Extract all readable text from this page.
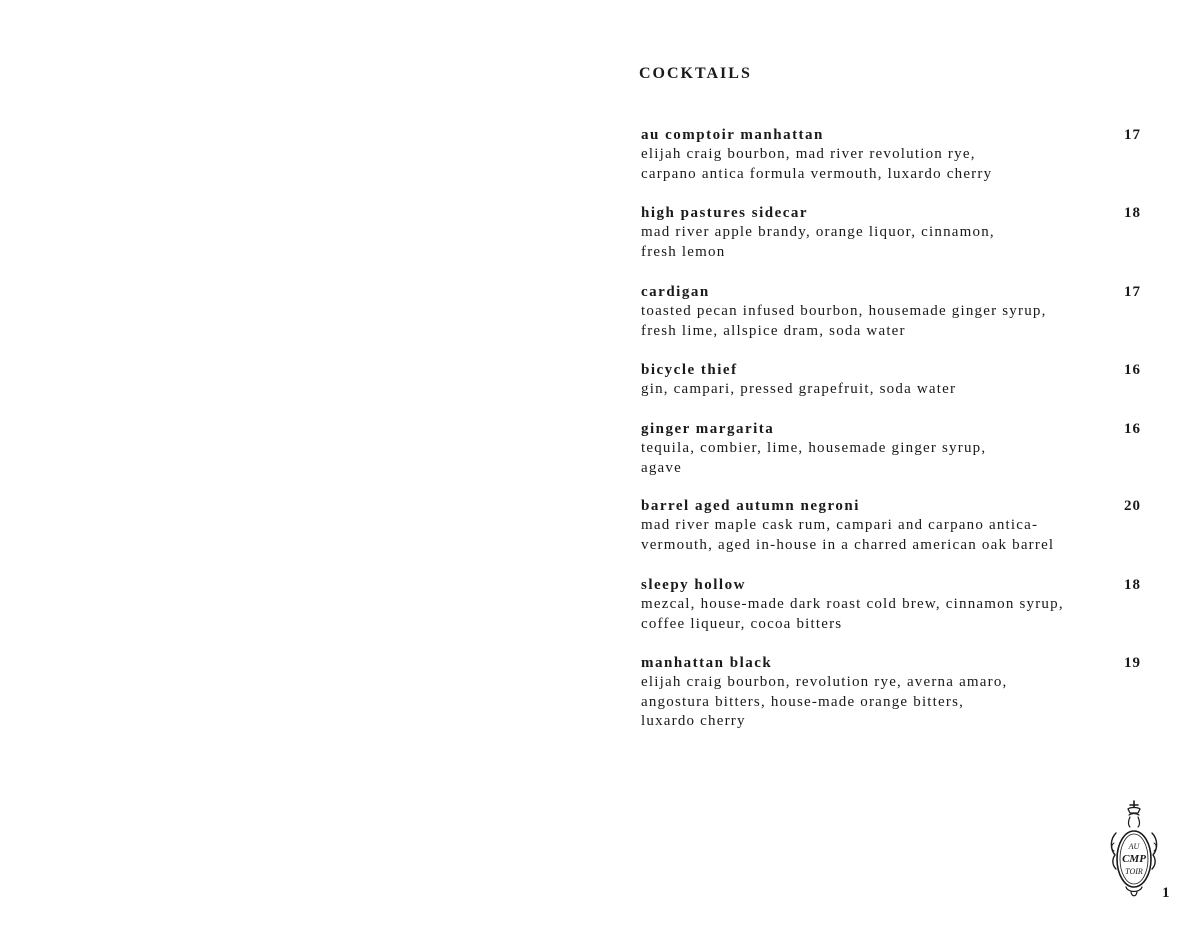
COCKTAILS
au comptoir manhattan	17
elijah craig bourbon, mad river revolution rye,
carpano antica formula vermouth, luxardo cherry
high pastures sidecar	18
mad river apple brandy, orange liquor, cinnamon,
fresh lemon
cardigan	17
toasted pecan infused bourbon, housemade ginger syrup,
fresh lime, allspice dram, soda water
bicycle thief	16
gin, campari, pressed grapefruit, soda water
ginger margarita	16
tequila, combier, lime, housemade ginger syrup,
agave
barrel aged autumn negroni	20
mad river maple cask rum, campari and carpano antica-
vermouth, aged in-house in a charred american oak barrel
sleepy hollow	18
mezcal, house-made dark roast cold brew, cinnamon syrup,
coffee liqueur, cocoa bitters
manhattan black	19
elijah craig bourbon, revolution rye, averna amaro,
angostura bitters, house-made orange bitters,
luxardo cherry
AU
CMP
TOIR
1
